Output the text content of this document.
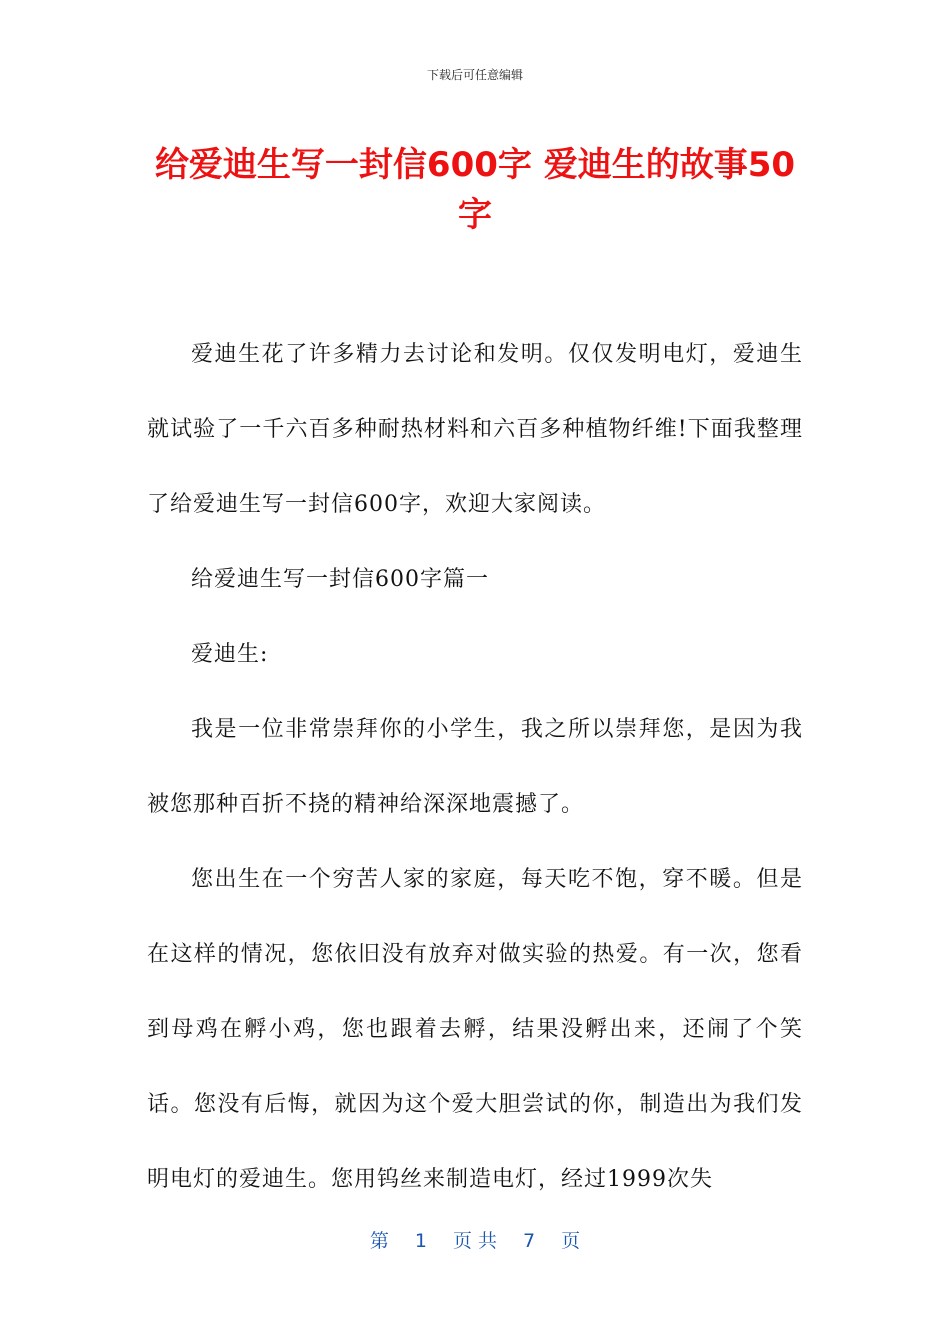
下载后可任意编辑
给爱迪生写一封信600字 爱迪生的故事50字

爱迪生花了许多精力去讨论和发明。仅仅发明电灯，爱迪生就试验了一千六百多种耐热材料和六百多种植物纤维!下面我整理了给爱迪生写一封信600字，欢迎大家阅读。

给爱迪生写一封信600字篇一

爱迪生:

我是一位非常崇拜你的小学生，我之所以崇拜您，是因为我被您那种百折不挠的精神给深深地震撼了。

您出生在一个穷苦人家的家庭，每天吃不饱，穿不暖。但是在这样的情况，您依旧没有放弃对做实验的热爱。有一次，您看到母鸡在孵小鸡，您也跟着去孵，结果没孵出来，还闹了个笑话。您没有后悔，就因为这个爱大胆尝试的你，制造出为我们发明电灯的爱迪生。您用钨丝来制造电灯，经过1999次失

第 1 页 共 7 页
